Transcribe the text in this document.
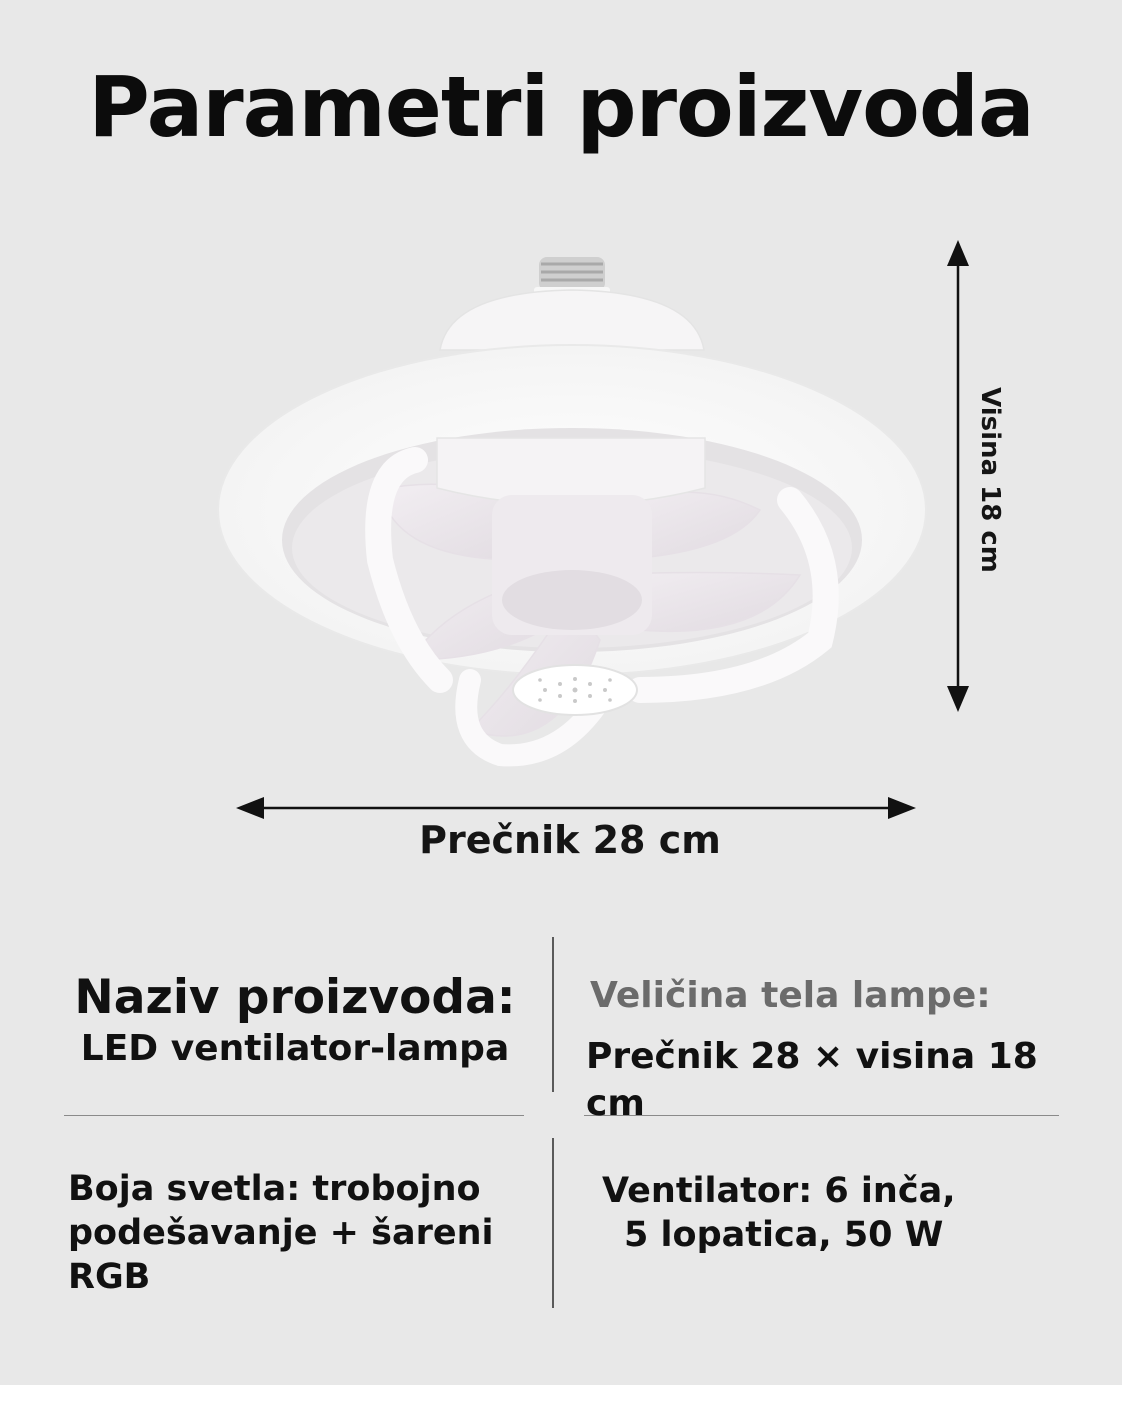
Parametri proizvoda
Prečnik 28 cm
Visina 18 cm
Naziv proizvoda:
LED ventilator-lampa
Veličina tela lampe:
Prečnik 28 × visina 18 cm
Boja svetla: trobojno
podešavanje + šareni RGB
Ventilator: 6 inča,
5 lopatica, 50 W
